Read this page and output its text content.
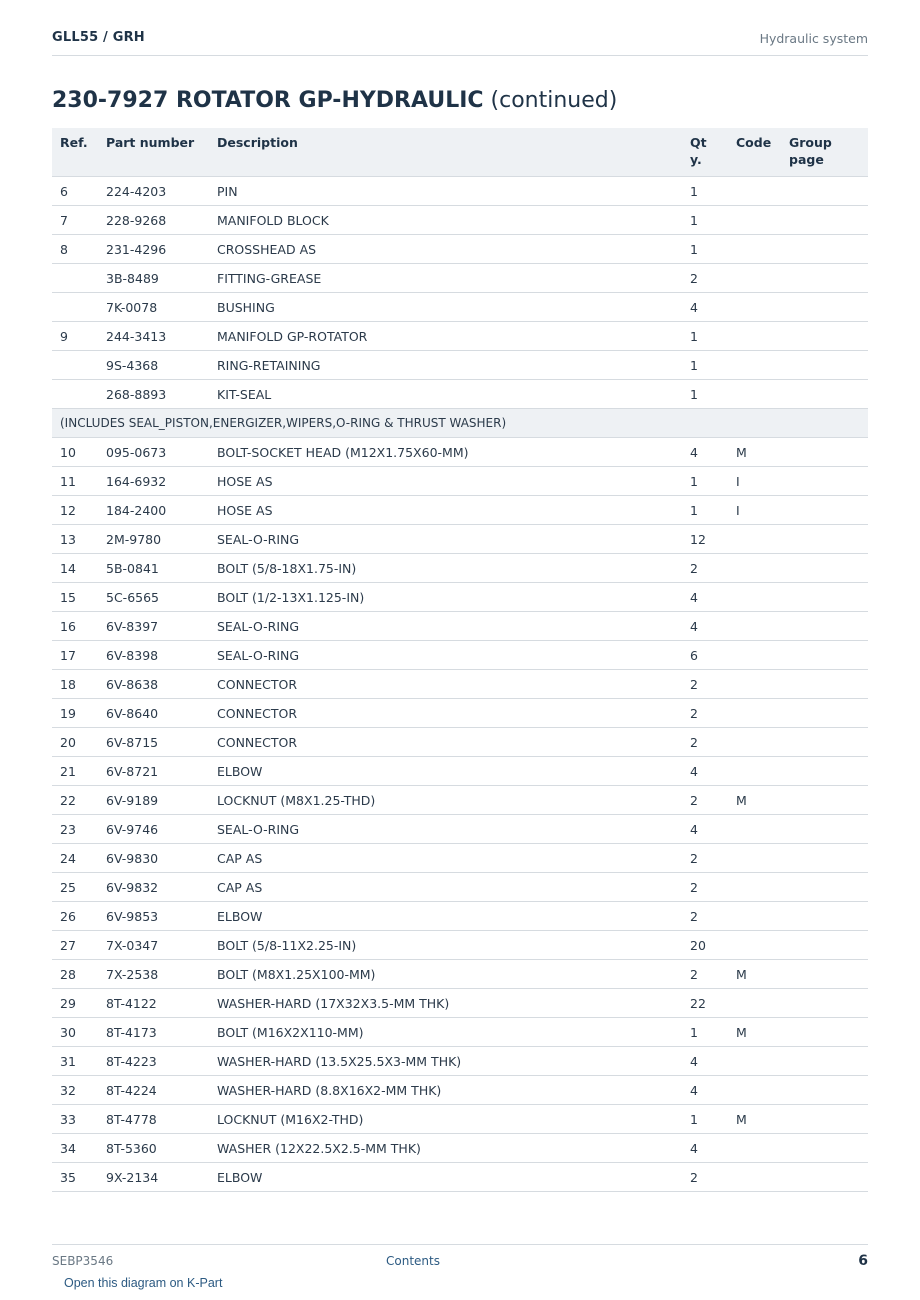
GLL55 / GRH	Hydraulic system
230-7927 ROTATOR GP-HYDRAULIC (continued)
Ref.	Part number	Description	Qty.	Code	Group page
6	224-4203	PIN	1		
7	228-9268	MANIFOLD BLOCK	1		
8	231-4296	CROSSHEAD AS	1		
	3B-8489	FITTING-GREASE	2		
	7K-0078	BUSHING	4		
9	244-3413	MANIFOLD GP-ROTATOR	1		
	9S-4368	RING-RETAINING	1		
	268-8893	KIT-SEAL	1		
(INCLUDES SEAL_PISTON,ENERGIZER,WIPERS,O-RING & THRUST WASHER)					
10	095-0673	BOLT-SOCKET HEAD (M12X1.75X60-MM)	4	M	
11	164-6932	HOSE AS	1	I	
12	184-2400	HOSE AS	1	I	
13	2M-9780	SEAL-O-RING	12		
14	5B-0841	BOLT (5/8-18X1.75-IN)	2		
15	5C-6565	BOLT (1/2-13X1.125-IN)	4		
16	6V-8397	SEAL-O-RING	4		
17	6V-8398	SEAL-O-RING	6		
18	6V-8638	CONNECTOR	2		
19	6V-8640	CONNECTOR	2		
20	6V-8715	CONNECTOR	2		
21	6V-8721	ELBOW	4		
22	6V-9189	LOCKNUT (M8X1.25-THD)	2	M	
23	6V-9746	SEAL-O-RING	4		
24	6V-9830	CAP AS	2		
25	6V-9832	CAP AS	2		
26	6V-9853	ELBOW	2		
27	7X-0347	BOLT (5/8-11X2.25-IN)	20		
28	7X-2538	BOLT (M8X1.25X100-MM)	2	M	
29	8T-4122	WASHER-HARD (17X32X3.5-MM THK)	22		
30	8T-4173	BOLT (M16X2X110-MM)	1	M	
31	8T-4223	WASHER-HARD (13.5X25.5X3-MM THK)	4		
32	8T-4224	WASHER-HARD (8.8X16X2-MM THK)	4		
33	8T-4778	LOCKNUT (M16X2-THD)	1	M	
34	8T-5360	WASHER (12X22.5X2.5-MM THK)	4		
35	9X-2134	ELBOW	2		
SEBP3546	Contents	6
Open this diagram on K-Part
